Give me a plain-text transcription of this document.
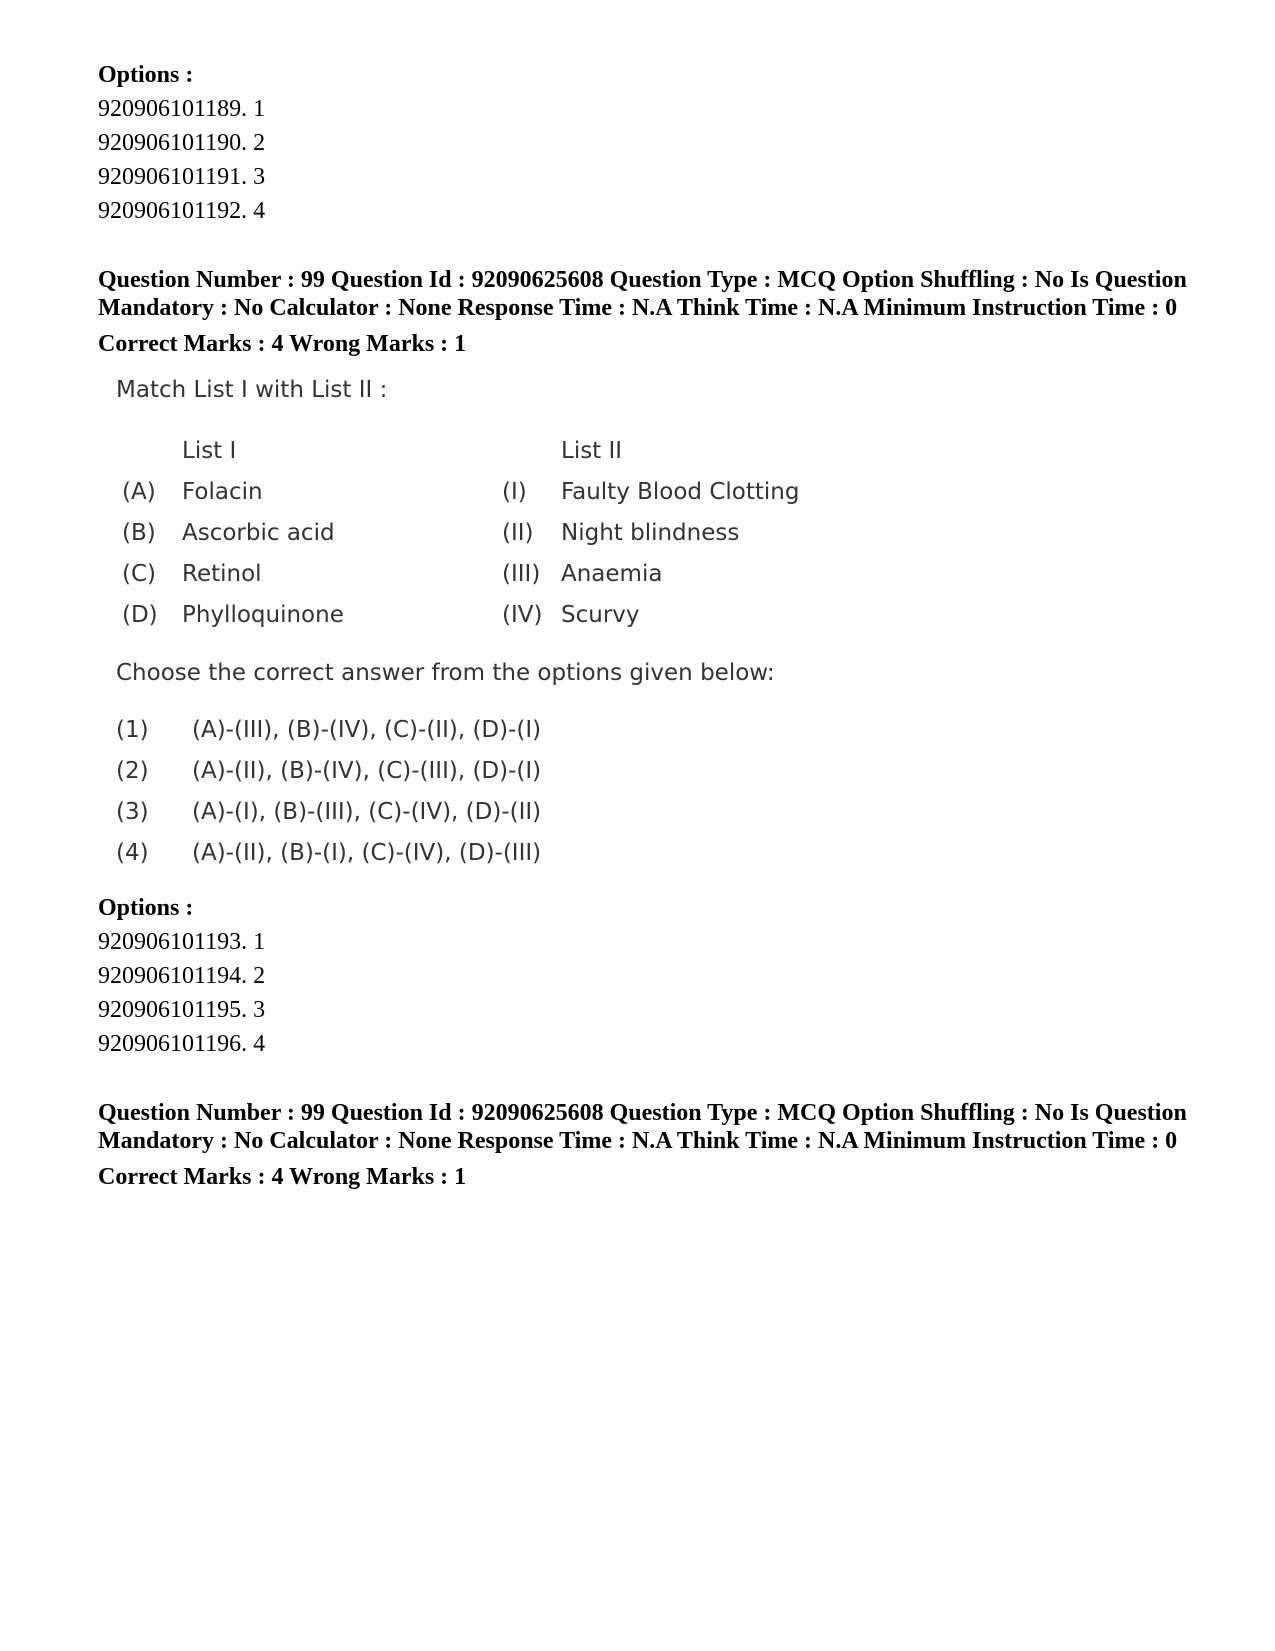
Options :
920906101189. 1
920906101190. 2
920906101191. 3
920906101192. 4
Question Number : 99 Question Id : 92090625608 Question Type : MCQ Option Shuffling : No Is Question Mandatory : No Calculator : None Response Time : N.A Think Time : N.A Minimum Instruction Time : 0
Correct Marks : 4 Wrong Marks : 1

Match List I with List II :

	List I		List II
(A)	Folacin	(I)	Faulty Blood Clotting
(B)	Ascorbic acid	(II)	Night blindness
(C)	Retinol	(III)	Anaemia
(D)	Phylloquinone	(IV)	Scurvy

Choose the correct answer from the options given below:

(1)	(A)-(III), (B)-(IV), (C)-(II), (D)-(I)
(2)	(A)-(II), (B)-(IV), (C)-(III), (D)-(I)
(3)	(A)-(I), (B)-(III), (C)-(IV), (D)-(II)
(4)	(A)-(II), (B)-(I), (C)-(IV), (D)-(III)
Options :
920906101193. 1
920906101194. 2
920906101195. 3
920906101196. 4
Question Number : 99 Question Id : 92090625608 Question Type : MCQ Option Shuffling : No Is Question Mandatory : No Calculator : None Response Time : N.A Think Time : N.A Minimum Instruction Time : 0
Correct Marks : 4 Wrong Marks : 1
